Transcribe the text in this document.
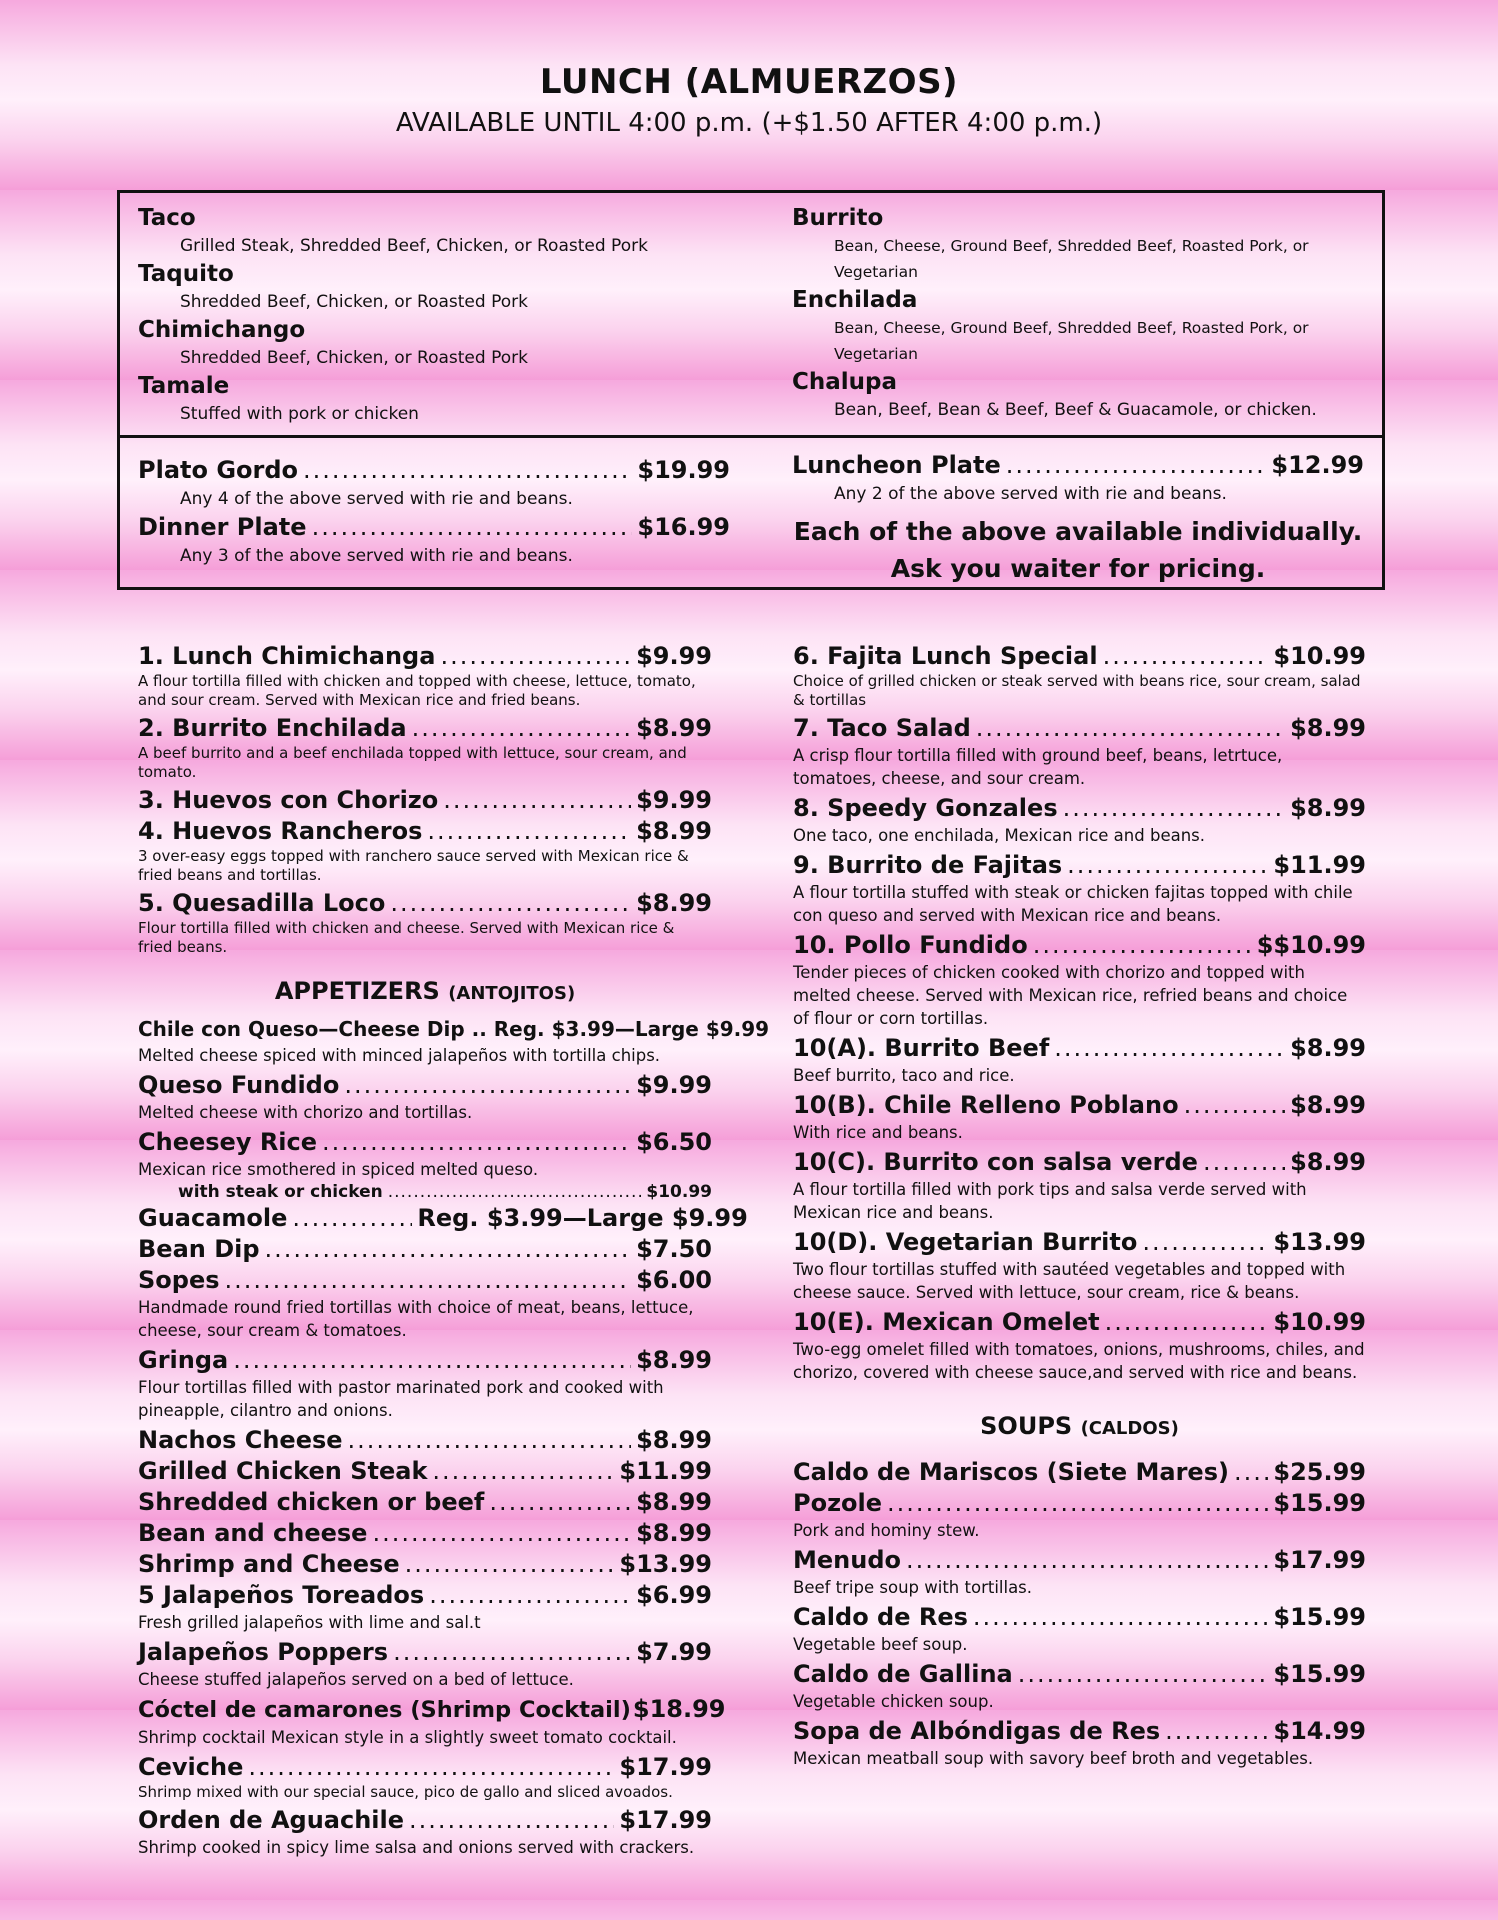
LUNCH (ALMUERZOS)
AVAILABLE UNTIL 4:00 p.m. (+$1.50 AFTER 4:00 p.m.)
Taco
Grilled Steak, Shredded Beef, Chicken, or Roasted Pork
Taquito
Shredded Beef, Chicken, or Roasted Pork
Chimichango
Shredded Beef, Chicken, or Roasted Pork
Tamale
Stuffed with pork or chicken
Burrito
Bean, Cheese, Ground Beef, Shredded Beef, Roasted Pork, or Vegetarian
Enchilada
Bean, Cheese, Ground Beef, Shredded Beef, Roasted Pork, or Vegetarian
Chalupa
Bean, Beef, Bean & Beef, Beef & Guacamole, or chicken.
Plato Gordo .....	$19.99
Any 4 of the above served with rie and beans.
Dinner Plate .....	$16.99
Any 3 of the above served with rie and beans.
Luncheon Plate .....	$12.99
Any 2 of the above served with rie and beans.
Each of the above available individually.
Ask you waiter for pricing.
1. Lunch Chimichanga .....	$9.99
A flour tortilla filled with chicken and topped with cheese, lettuce, tomato, and sour cream. Served with Mexican rice and fried beans.
2. Burrito Enchilada .....	$8.99
A beef burrito and a beef enchilada topped with lettuce, sour cream, and tomato.
3. Huevos con Chorizo .....	$9.99
4. Huevos Rancheros .....	$8.99
3 over-easy eggs topped with ranchero sauce served with Mexican rice & fried beans and tortillas.
5. Quesadilla Loco .....	$8.99
Flour tortilla filled with chicken and cheese. Served with Mexican rice & fried beans.
APPETIZERS (ANTOJITOS)
Chile con Queso—Cheese Dip .. Reg. $3.99—Large $9.99
Melted cheese spiced with minced jalapeños with tortilla chips.
Queso Fundido .....	$9.99
Melted cheese with chorizo and tortillas.
Cheesey Rice .....	$6.50
Mexican rice smothered in spiced melted queso.
with steak or chicken .....	$10.99
Guacamole .....	Reg. $3.99—Large $9.99
Bean Dip .....	$7.50
Sopes .....	$6.00
Handmade round fried tortillas with choice of meat, beans, lettuce, cheese, sour cream & tomatoes.
Gringa .....	$8.99
Flour tortillas filled with pastor marinated pork and cooked with pineapple, cilantro and onions.
Nachos Cheese .....	$8.99
Grilled Chicken Steak .....	$11.99
Shredded chicken or beef .....	$8.99
Bean and cheese .....	$8.99
Shrimp and Cheese .....	$13.99
5 Jalapeños Toreados .....	$6.99
Fresh grilled jalapeños with lime and sal.t
Jalapeños Poppers .....	$7.99
Cheese stuffed jalapeños served on a bed of lettuce.
Cóctel de camarones (Shrimp Cocktail) $18.99
Shrimp cocktail Mexican style in a slightly sweet tomato cocktail.
Ceviche .....	$17.99
Shrimp mixed with our special sauce, pico de gallo and sliced avoados.
Orden de Aguachile .....	$17.99
Shrimp cooked in spicy lime salsa and onions served with crackers.
6. Fajita Lunch Special .....	$10.99
Choice of grilled chicken or steak served with beans rice, sour cream, salad & tortillas
7. Taco Salad .....	$8.99
A crisp flour tortilla filled with ground beef, beans, letrtuce, tomatoes, cheese, and sour cream.
8. Speedy Gonzales .....	$8.99
One taco, one enchilada, Mexican rice and beans.
9. Burrito de Fajitas .....	$11.99
A flour tortilla stuffed with steak or chicken fajitas topped with chile con queso and served with Mexican rice and beans.
10. Pollo Fundido .....	$$10.99
Tender pieces of chicken cooked with chorizo and topped with melted cheese. Served with Mexican rice, refried beans and choice of flour or corn tortillas.
10(A). Burrito Beef .....	$8.99
Beef burrito, taco and rice.
10(B). Chile Relleno Poblano .....	$8.99
With rice and beans.
10(C). Burrito con salsa verde .....	$8.99
A flour tortilla filled with pork tips and salsa verde served with Mexican rice and beans.
10(D). Vegetarian Burrito .....	$13.99
Two flour tortillas stuffed with sautéed vegetables and topped with cheese sauce. Served with lettuce, sour cream, rice & beans.
10(E). Mexican Omelet .....	$10.99
Two-egg omelet filled with tomatoes, onions, mushrooms, chiles, and chorizo, covered with cheese sauce,and served with rice and beans.
SOUPS (CALDOS)
Caldo de Mariscos (Siete Mares) ..... $25.99
Pozole .....	$15.99
Pork and hominy stew.
Menudo .....	$17.99
Beef tripe soup with tortillas.
Caldo de Res .....	$15.99
Vegetable beef soup.
Caldo de Gallina .....	$15.99
Vegetable chicken soup.
Sopa de Albóndigas de Res .....	$14.99
Mexican meatball soup with savory beef broth and vegetables.
